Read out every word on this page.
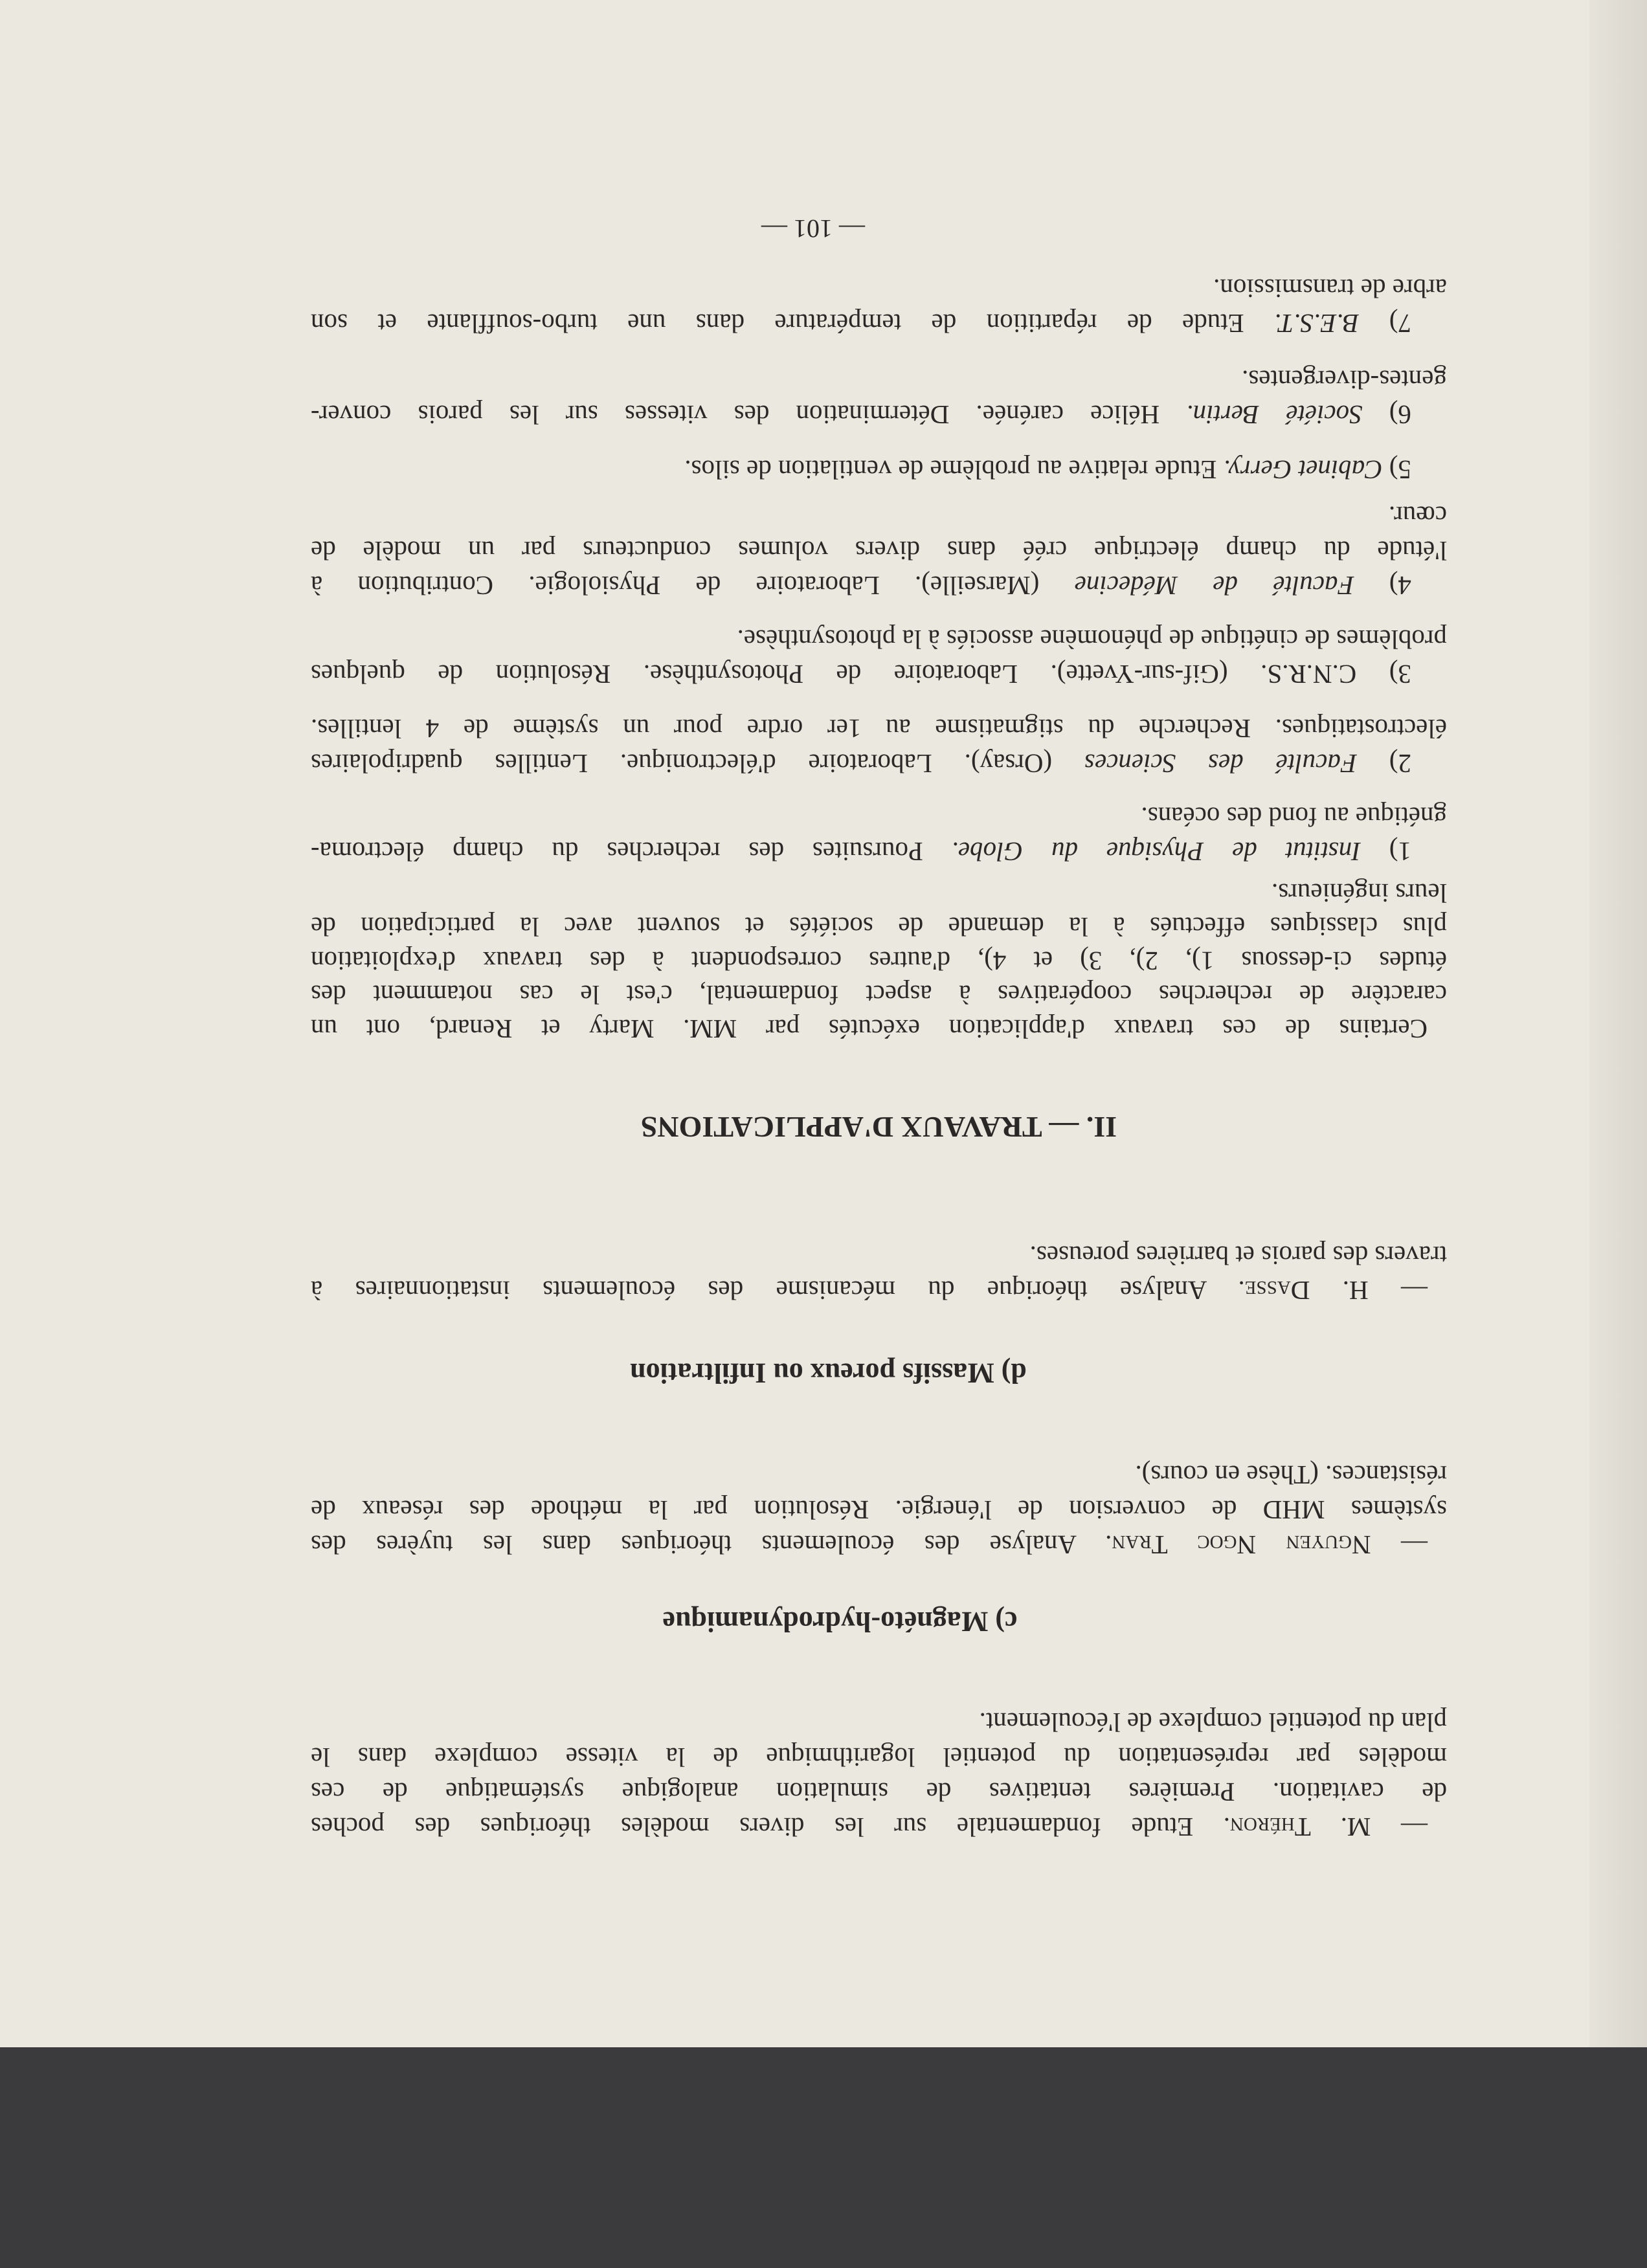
— M. Théron. Etude fondamentale sur les divers modèles théoriques des poches
de cavitation. Premières tentatives de simulation analogique systématique de ces
modèles par représentation du potentiel logarithmique de la vitesse complexe dans le
plan du potentiel complexe de l'écoulement.
c) Magnéto-hydrodynamique
— Nguyen Ngoc Tran. Analyse des écoulements théoriques dans les tuyères des
systèmes MHD de conversion de l'énergie. Résolution par la méthode des réseaux de
résistances. (Thèse en cours).
d) Massifs poreux ou Infiltration
— H. Dasse. Analyse théorique du mécanisme des écoulements instationnaires à
travers des parois et barrières poreuses.
II. — TRAVAUX D'APPLICATIONS
Certains de ces travaux d'application exécutés par MM. Marty et Renard, ont un
caractère de recherches coopératives à aspect fondamental, c'est le cas notamment des
études ci-dessous 1), 2), 3) et 4), d'autres correspondent à des travaux d'exploitation
plus classiques effectués à la demande de sociétés et souvent avec la participation de
leurs ingénieurs.
1) Institut de Physique du Globe. Poursuites des recherches du champ électroma-
gnétique au fond des océans.
2) Faculté des Sciences (Orsay). Laboratoire d'électronique. Lentilles quadripolaires
électrostatiques. Recherche du stigmatisme au 1er ordre pour un système de 4 lentilles.
3) C.N.R.S. (Gif-sur-Yvette). Laboratoire de Photosynthèse. Résolution de quelques
problèmes de cinétique de phénomène associés à la photosynthèse.
4) Faculté de Médecine (Marseille). Laboratoire de Physiologie. Contribution à
l'étude du champ électrique créé dans divers volumes conducteurs par un modèle de
cœur.
5) Cabinet Gerry. Etude relative au problème de ventilation de silos.
6) Société Bertin. Hélice carénée. Détermination des vitesses sur les parois conver-
gentes-divergentes.
7) B.E.S.T. Etude de répartition de température dans une turbo-soufflante et son
arbre de transmission.
— 101 —
